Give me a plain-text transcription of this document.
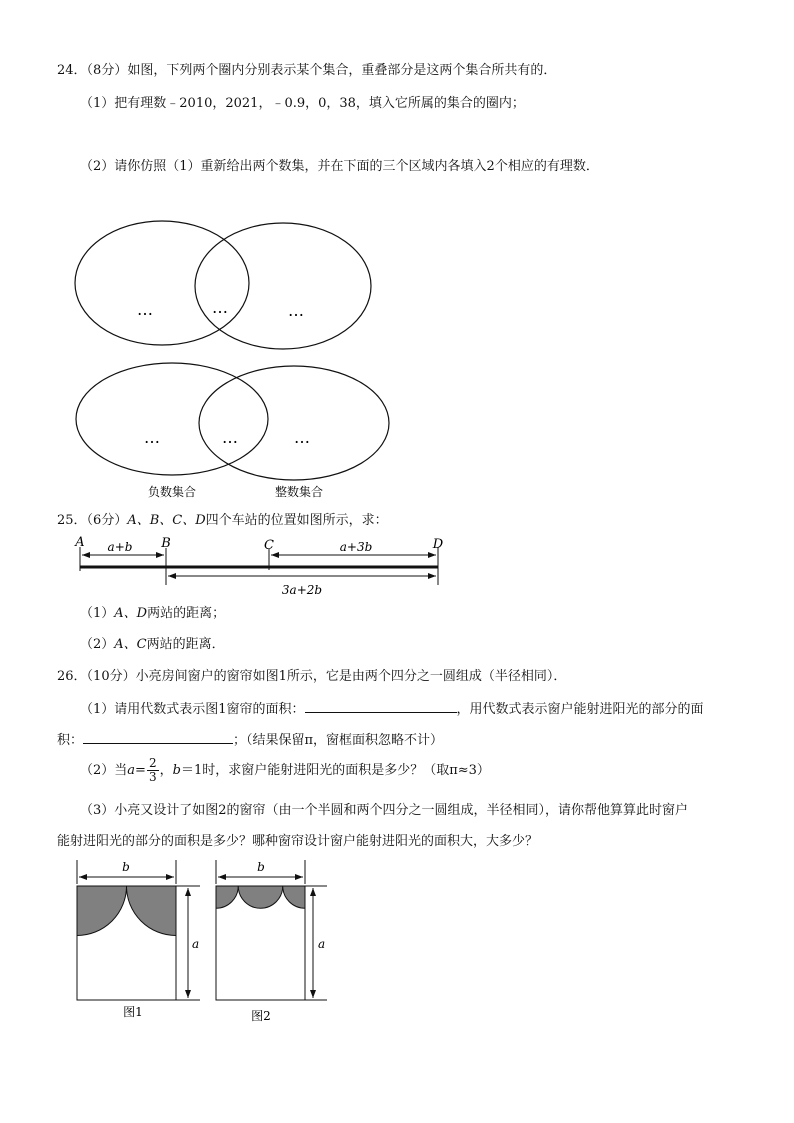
24．（8分）如图，下列两个圈内分别表示某个集合，重叠部分是这两个集合所共有的．
（1）把有理数﹣2010，2021，﹣0.9，0，38，填入它所属的集合的圈内；
（2）请你仿照（1）重新给出两个数集，并在下面的三个区域内各填入2个相应的有理数．
…	…	…
…	…	…
负数集合	整数集合
25．（6分）A、B、C、D四个车站的位置如图所示，求：
A	B	C	D
a+b	a+3b
3a+2b
（1）A、D两站的距离；
（2）A、C两站的距离．
26．（10分）小亮房间窗户的窗帘如图1所示，它是由两个四分之一圆组成（半径相同）．
（1）请用代数式表示图1窗帘的面积：	，用代数式表示窗户能射进阳光的部分的面
积：	；（结果保留π，窗框面积忽略不计）
（2）当$a= \frac{2}{3}$ ，b＝1时，求窗户能射进阳光的面积是多少？（取π≈3）
（3）小亮又设计了如图2的窗帘（由一个半圆和两个四分之一圆组成，半径相同），请你帮他算算此时窗户
能射进阳光的部分的面积是多少？哪种窗帘设计窗户能射进阳光的面积大，大多少？
b
a
图1
b
a
图2
